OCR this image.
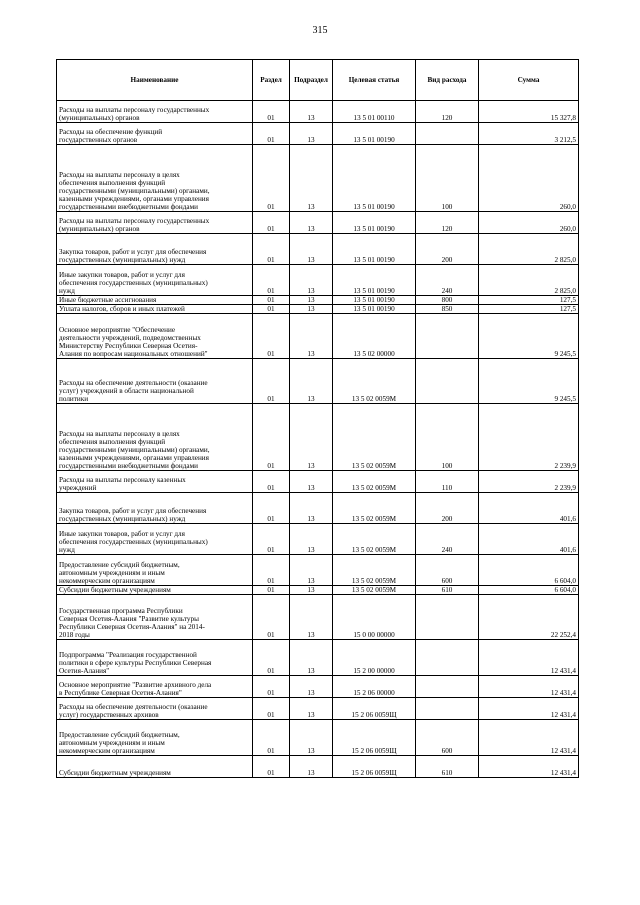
315
Наименование	Раздел	Подраздел	Целевая статья	Вид расхода	Сумма
Расходы на выплаты персоналу государственных
(муниципальных) органов	01	13	13 5 01 00110	120	15 327,8
Расходы на обеспечение функций
государственных органов	01	13	13 5 01 00190		3 212,5
Расходы на выплаты персоналу в целях
обеспечения выполнения функций
государственными (муниципальными) органами,
казенными учреждениями, органами управления
государственными внебюджетными фондами	01	13	13 5 01 00190	100	260,0
Расходы на выплаты персоналу государственных
(муниципальных) органов	01	13	13 5 01 00190	120	260,0
Закупка товаров, работ и услуг для обеспечения
государственных (муниципальных) нужд	01	13	13 5 01 00190	200	2 825,0
Иные закупки товаров, работ и услуг для
обеспечения государственных (муниципальных)
нужд	01	13	13 5 01 00190	240	2 825,0
Иные бюджетные ассигнования	01	13	13 5 01 00190	800	127,5
Уплата налогов, сборов и иных платежей	01	13	13 5 01 00190	850	127,5
Основное мероприятие "Обеспечение
деятельности учреждений, подведомственных
Министерству Республики Северная Осетия-
Алания по вопросам национальных отношений"	01	13	13 5 02 00000		9 245,5
Расходы на обеспечение деятельности (оказание
услуг) учреждений в области национальной
политики	01	13	13 5 02 0059М		9 245,5
Расходы на выплаты персоналу в целях
обеспечения выполнения функций
государственными (муниципальными) органами,
казенными учреждениями, органами управления
государственными внебюджетными фондами	01	13	13 5 02 0059М	100	2 239,9
Расходы на выплаты персоналу казенных
учреждений	01	13	13 5 02 0059М	110	2 239,9
Закупка товаров, работ и услуг для обеспечения
государственных (муниципальных) нужд	01	13	13 5 02 0059М	200	401,6
Иные закупки товаров, работ и услуг для
обеспечения государственных (муниципальных)
нужд	01	13	13 5 02 0059М	240	401,6
Предоставление субсидий бюджетным,
автономным учреждениям и иным
некоммерческим организациям	01	13	13 5 02 0059М	600	6 604,0
Субсидии бюджетным учреждениям	01	13	13 5 02 0059М	610	6 604,0
Государственная программа Республики
Северная Осетия-Алания "Развитие культуры
Республики Северная Осетия-Алания" на 2014-
2018 годы	01	13	15 0 00 00000		22 252,4
Подпрограмма "Реализация государственной
политики в сфере культуры Республики Северная
Осетия-Алания"	01	13	15 2 00 00000		12 431,4
Основное мероприятие "Развитие архивного дела
в Республике Северная Осетия-Алания"	01	13	15 2 06 00000		12 431,4
Расходы на обеспечение деятельности (оказание
услуг) государственных архивов	01	13	15 2 06 0059Щ		12 431,4
Предоставление субсидий бюджетным,
автономным учреждениям и иным
некоммерческим организациям	01	13	15 2 06 0059Щ	600	12 431,4
Субсидии бюджетным учреждениям	01	13	15 2 06 0059Щ	610	12 431,4
